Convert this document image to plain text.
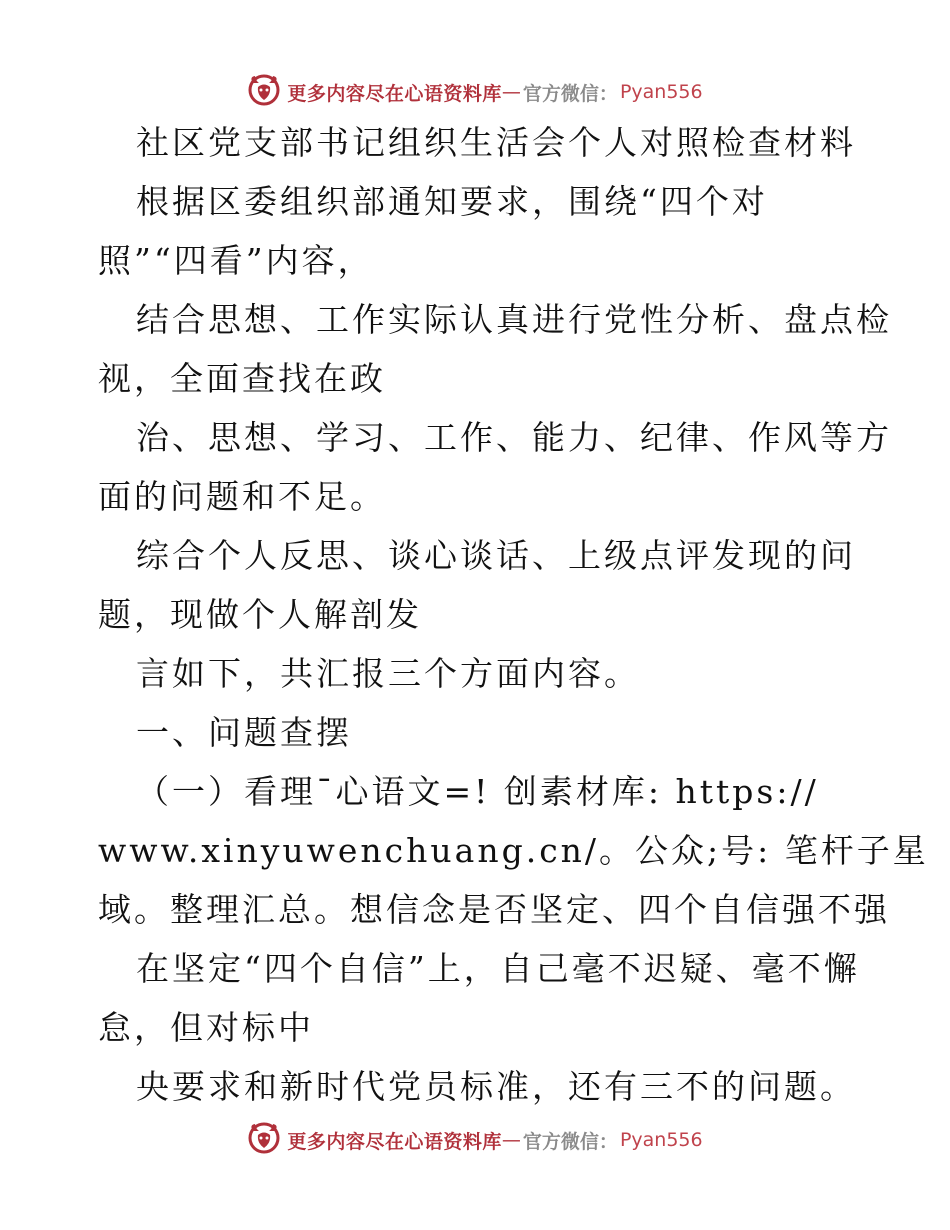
更多内容尽在心语资料库 — 官方微信： Pyan556
社区党支部书记组织生活会个人对照检查材料
根据区委组织部通知要求，围绕“四个对
照”“四看”内容，
结合思想、工作实际认真进行党性分析、盘点检
视，全面查找在政
治、思想、学习、工作、能力、纪律、作风等方
面的问题和不足。
综合个人反思、谈心谈话、上级点评发现的问
题，现做个人解剖发
言如下，共汇报三个方面内容。
一、问题查摆
（一）看理¯心语文=! 创素材库: https://
www.xinyuwenchuang.cn/。公众;号: 笔杆子星
域。整理汇总。想信念是否坚定、四个自信强不强
在坚定“四个自信”上，自己毫不迟疑、毫不懈
怠，但对标中
央要求和新时代党员标准，还有三不的问题。
更多内容尽在心语资料库 — 官方微信： Pyan556
